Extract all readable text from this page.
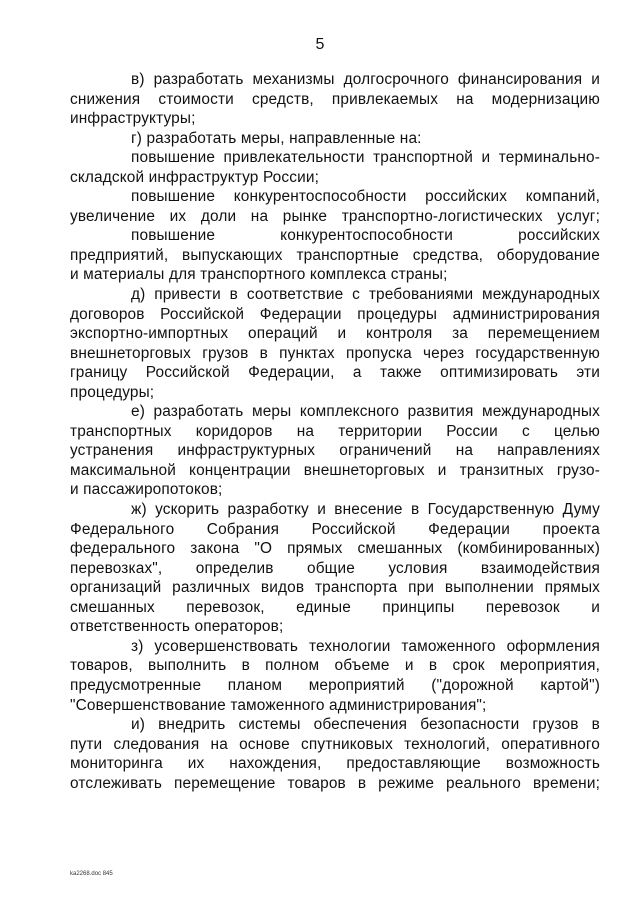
5
в) разработать механизмы долгосрочного финансирования и
снижения стоимости средств, привлекаемых на модернизацию
инфраструктуры;
г) разработать меры, направленные на:
повышение привлекательности транспортной и терминально-
складской инфраструктур России;
повышение конкурентоспособности российских компаний,
увеличение их доли на рынке транспортно-логистических услуг;
повышение конкурентоспособности российских
предприятий, выпускающих транспортные средства, оборудование
и материалы для транспортного комплекса страны;
д) привести в соответствие с требованиями международных
договоров Российской Федерации процедуры администрирования
экспортно-импортных операций и контроля за перемещением
внешнеторговых грузов в пунктах пропуска через государственную
границу Российской Федерации, а также оптимизировать эти
процедуры;
е) разработать меры комплексного развития международных
транспортных коридоров на территории России с целью
устранения инфраструктурных ограничений на направлениях
максимальной концентрации внешнеторговых и транзитных грузо-
и пассажиропотоков;
ж) ускорить разработку и внесение в Государственную Думу
Федерального Собрания Российской Федерации проекта
федерального закона "О прямых смешанных (комбинированных)
перевозках", определив общие условия взаимодействия
организаций различных видов транспорта при выполнении прямых
смешанных перевозок, единые принципы перевозок и
ответственность операторов;
з) усовершенствовать технологии таможенного оформления
товаров, выполнить в полном объеме и в срок мероприятия,
предусмотренные планом мероприятий ("дорожной картой")
"Совершенствование таможенного администрирования";
и) внедрить системы обеспечения безопасности грузов в
пути следования на основе спутниковых технологий, оперативного
мониторинга их нахождения, предоставляющие возможность
отслеживать перемещение товаров в режиме реального времени;
ka2268.doc 845
